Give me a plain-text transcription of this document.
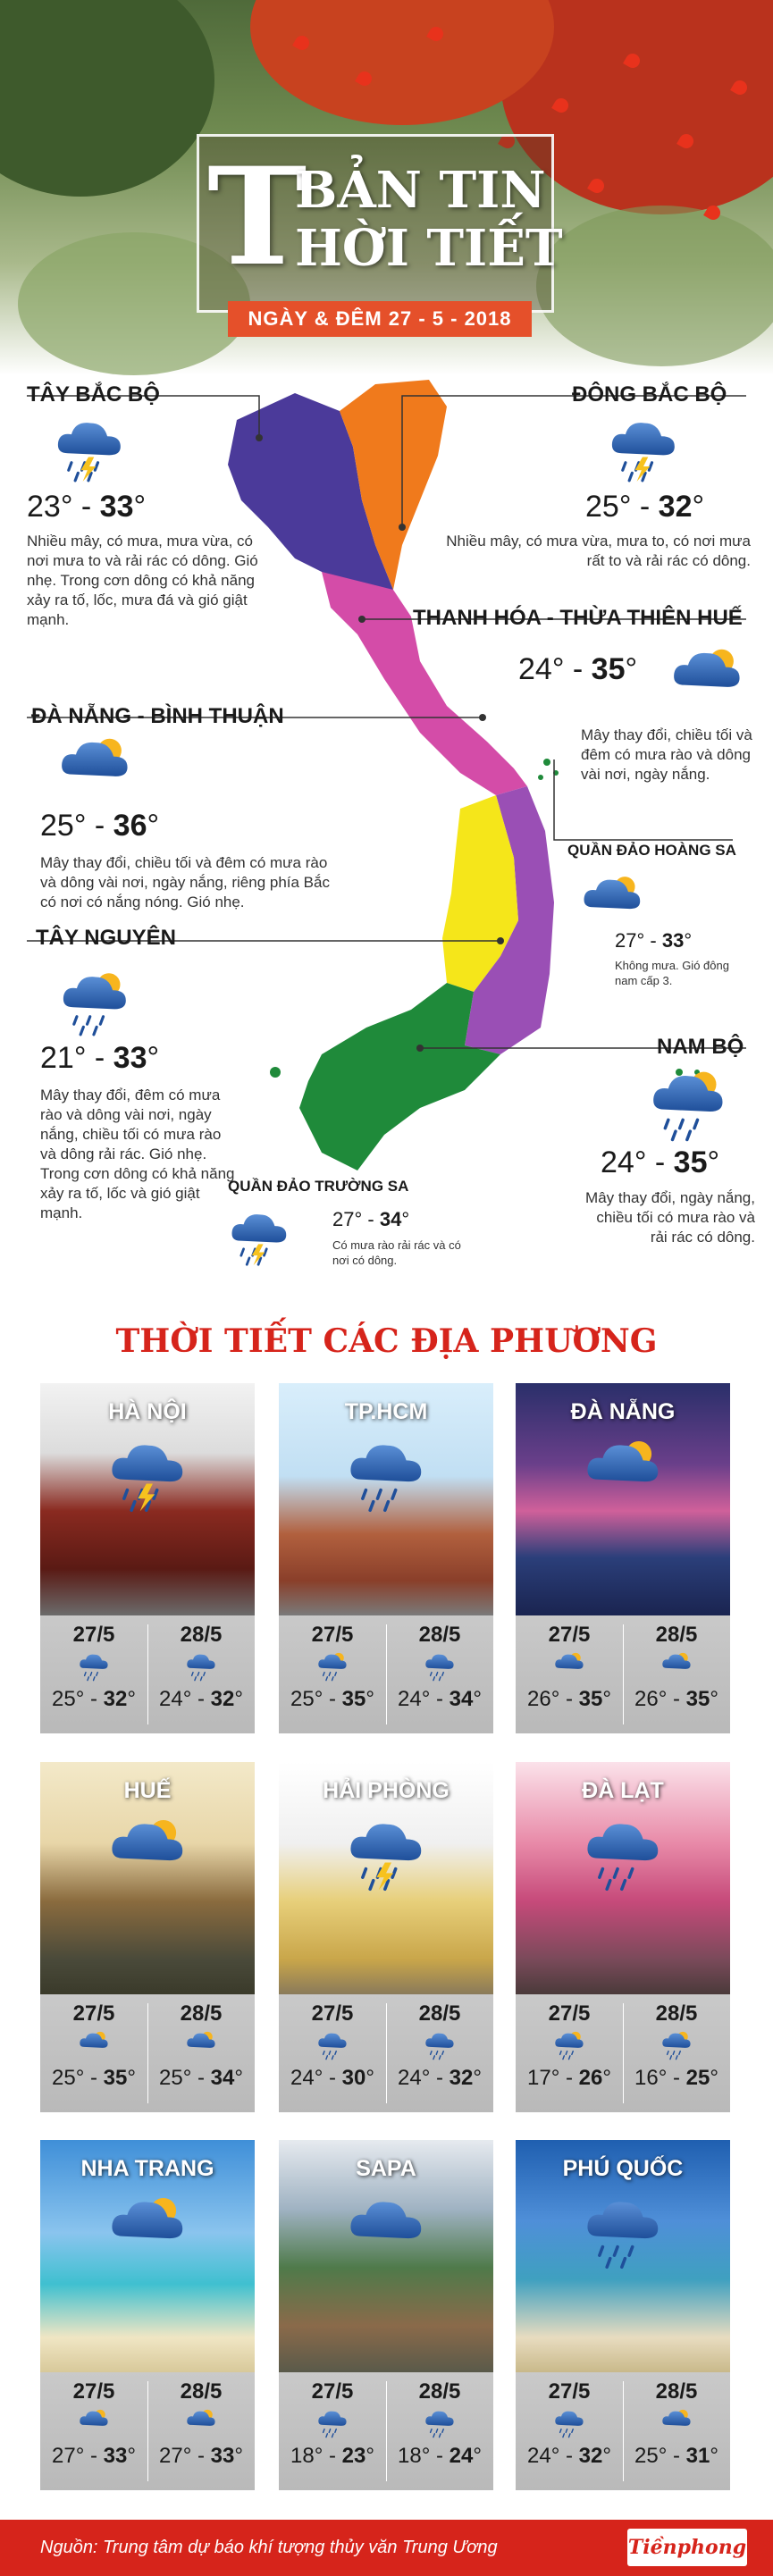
T
BẢN TIN
HỜI TIẾT
NGÀY & ĐÊM 27 - 5 - 2018
TÂY BẮC BỘ
23° - 33°
Nhiều mây, có mưa, mưa vừa, có nơi mưa to và rải rác có dông. Gió nhẹ. Trong cơn dông có khả năng xảy ra tố, lốc, mưa đá và gió giật mạnh.
ĐÔNG BẮC BỘ
25° - 32°
Nhiều mây, có mưa vừa, mưa to, có nơi mưa rất to và rải rác có dông.
THANH HÓA - THỪA THIÊN HUẾ
24° - 35°
Mây thay đổi, chiều tối và đêm có mưa rào và dông vài nơi, ngày nắng.
ĐÀ NẴNG - BÌNH THUẬN
25° - 36°
Mây thay đổi, chiều tối và đêm có mưa rào và dông vài nơi, ngày nắng, riêng phía Bắc có nơi có nắng nóng. Gió nhẹ.
QUẦN ĐẢO HOÀNG SA
27° - 33°
Không mưa. Gió đông nam cấp 3.
TÂY NGUYÊN
21° - 33°
Mây thay đổi, đêm có mưa rào và dông vài nơi, ngày nắng, chiều tối có mưa rào và dông rải rác. Gió nhẹ. Trong cơn dông có khả năng xảy ra tố, lốc và gió giật mạnh.
NAM BỘ
24° - 35°
Mây thay đổi, ngày nắng, chiều tối có mưa rào và rải rác có dông.
QUẦN ĐẢO TRƯỜNG SA
27° - 34°
Có mưa rào rải rác và có nơi có dông.
THỜI TIẾT CÁC ĐỊA PHƯƠNG
HÀ NỘI
27/5
25° - 32°
28/5
24° - 32°
TP.HCM
27/5
25° - 35°
28/5
24° - 34°
ĐÀ NẴNG
27/5
26° - 35°
28/5
26° - 35°
HUẾ
27/5
25° - 35°
28/5
25° - 34°
HẢI PHÒNG
27/5
24° - 30°
28/5
24° - 32°
ĐÀ LẠT
27/5
17° - 26°
28/5
16° - 25°
NHA TRANG
27/5
27° - 33°
28/5
27° - 33°
SAPA
27/5
18° - 23°
28/5
18° - 24°
PHÚ QUỐC
27/5
24° - 32°
28/5
25° - 31°
Nguồn: Trung tâm dự báo khí tượng thủy văn Trung Ương	Tiềnphong
